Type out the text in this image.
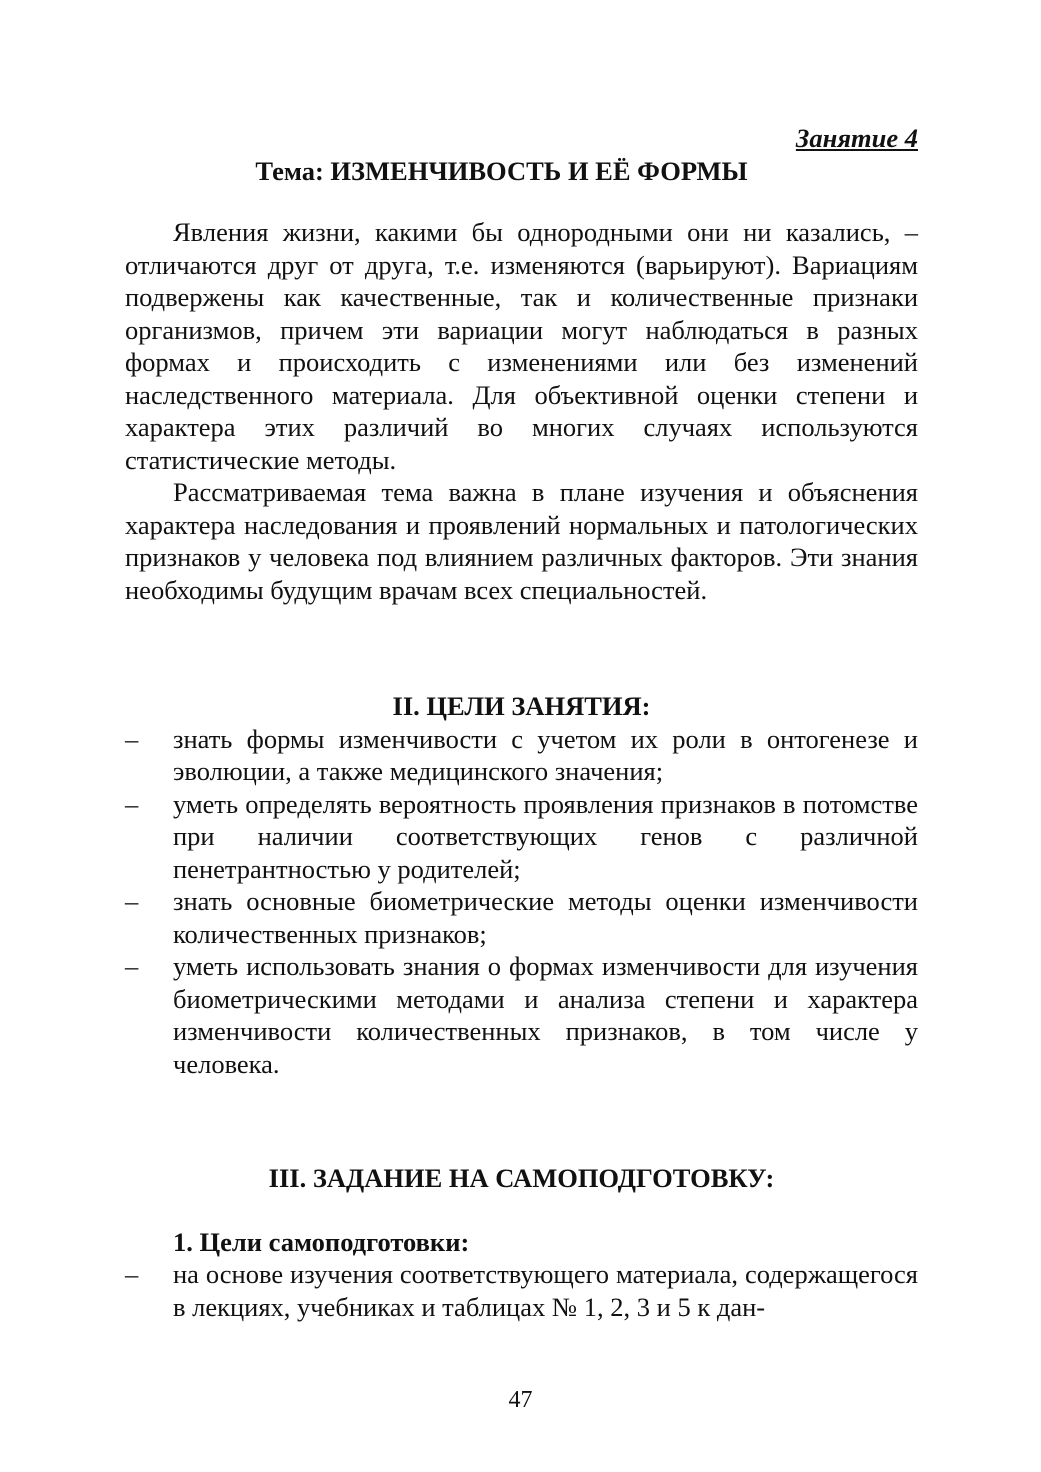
Занятие 4

Тема: ИЗМЕНЧИВОСТЬ И ЕЁ ФОРМЫ

Явления жизни, какими бы однородными они ни казались, – отличаются друг от друга, т.е. изменяются (варьируют). Вариациям подвержены как качественные, так и количественные признаки организмов, причем эти вариации могут наблюдаться в разных формах и происходить с изменениями или без изменений наследственного материала. Для объективной оценки степени и характера этих различий во многих случаях используются статистические методы.

Рассматриваемая тема важна в плане изучения и объяснения характера наследования и проявлений нормальных и патологических признаков у человека под влиянием различных факторов. Эти знания необходимы будущим врачам всех специальностей.

II. ЦЕЛИ ЗАНЯТИЯ:

– знать формы изменчивости с учетом их роли в онтогенезе и эволюции, а также медицинского значения;
– уметь определять вероятность проявления признаков в потомстве при наличии соответствующих генов с различной пенетрантностью у родителей;
– знать основные биометрические методы оценки изменчивости количественных признаков;
– уметь использовать знания о формах изменчивости для изучения биометрическими методами и анализа степени и характера изменчивости количественных признаков, в том числе у человека.

III. ЗАДАНИЕ НА САМОПОДГОТОВКУ:

1. Цели самоподготовки:

– на основе изучения соответствующего материала, содержащегося в лекциях, учебниках и таблицах № 1, 2, 3 и 5 к дан-
47
